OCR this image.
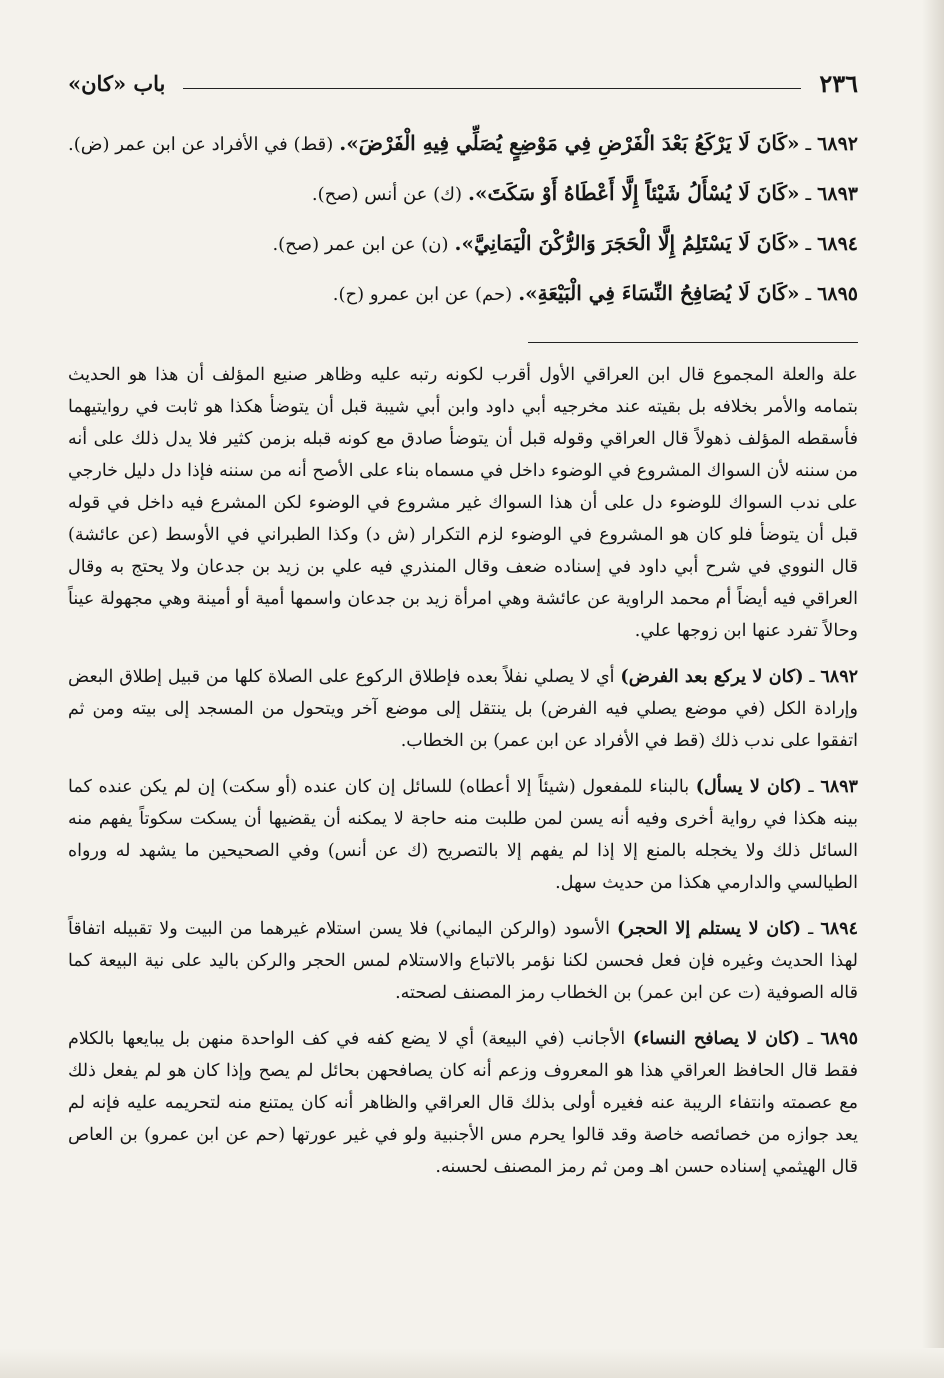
٢٣٦
باب «كان»

٦٨٩٢ ـ «كَانَ لَا يَرْكَعُ بَعْدَ الْفَرْضِ فِي مَوْضِعٍ يُصَلِّي فِيهِ الْفَرْضَ». (قط) في الأفراد عن ابن عمر (ض).

٦٨٩٣ ـ «كَانَ لَا يُسْأَلُ شَيْئاً إِلَّا أَعْطَاهُ أَوْ سَكَتَ». (ك) عن أنس (صح).

٦٨٩٤ ـ «كَانَ لَا يَسْتَلِمُ إِلَّا الْحَجَرَ وَالرُّكْنَ الْيَمَانِيَّ». (ن) عن ابن عمر (صح).

٦٨٩٥ ـ «كَانَ لَا يُصَافِحُ النِّسَاءَ فِي الْبَيْعَةِ». (حم) عن ابن عمرو (ح).

علة والعلة المجموع قال ابن العراقي الأول أقرب لكونه رتبه عليه وظاهر صنيع المؤلف أن هذا هو الحديث بتمامه والأمر بخلافه بل بقيته عند مخرجيه أبي داود وابن أبي شيبة قبل أن يتوضأ هكذا هو ثابت في روايتيهما فأسقطه المؤلف ذهولاً قال العراقي وقوله قبل أن يتوضأ صادق مع كونه قبله بزمن كثير فلا يدل ذلك على أنه من سننه لأن السواك المشروع في الوضوء داخل في مسماه بناء على الأصح أنه من سننه فإذا دل دليل خارجي على ندب السواك للوضوء دل على أن هذا السواك غير مشروع في الوضوء لكن المشرع فيه داخل في قوله قبل أن يتوضأ فلو كان هو المشروع في الوضوء لزم التكرار (ش د) وكذا الطبراني في الأوسط (عن عائشة) قال النووي في شرح أبي داود في إسناده ضعف وقال المنذري فيه علي بن زيد بن جدعان ولا يحتج به وقال العراقي فيه أيضاً أم محمد الراوية عن عائشة وهي امرأة زيد بن جدعان واسمها أمية أو أمينة وهي مجهولة عيناً وحالاً تفرد عنها ابن زوجها علي.

٦٨٩٢ ـ (كان لا يركع بعد الفرض) أي لا يصلي نفلاً بعده فإطلاق الركوع على الصلاة كلها من قبيل إطلاق البعض وإرادة الكل (في موضع يصلي فيه الفرض) بل ينتقل إلى موضع آخر ويتحول من المسجد إلى بيته ومن ثم اتفقوا على ندب ذلك (قط في الأفراد عن ابن عمر) بن الخطاب.

٦٨٩٣ ـ (كان لا يسأل) بالبناء للمفعول (شيئاً إلا أعطاه) للسائل إن كان عنده (أو سكت) إن لم يكن عنده كما بينه هكذا في رواية أخرى وفيه أنه يسن لمن طلبت منه حاجة لا يمكنه أن يقضيها أن يسكت سكوتاً يفهم منه السائل ذلك ولا يخجله بالمنع إلا إذا لم يفهم إلا بالتصريح (ك عن أنس) وفي الصحيحين ما يشهد له ورواه الطيالسي والدارمي هكذا من حديث سهل.

٦٨٩٤ ـ (كان لا يستلم إلا الحجر) الأسود (والركن اليماني) فلا يسن استلام غيرهما من البيت ولا تقبيله اتفاقاً لهذا الحديث وغيره فإن فعل فحسن لكنا نؤمر بالاتباع والاستلام لمس الحجر والركن باليد على نية البيعة كما قاله الصوفية (ت عن ابن عمر) بن الخطاب رمز المصنف لصحته.

٦٨٩٥ ـ (كان لا يصافح النساء) الأجانب (في البيعة) أي لا يضع كفه في كف الواحدة منهن بل يبايعها بالكلام فقط قال الحافظ العراقي هذا هو المعروف وزعم أنه كان يصافحهن بحائل لم يصح وإذا كان هو لم يفعل ذلك مع عصمته وانتفاء الريبة عنه فغيره أولى بذلك قال العراقي والظاهر أنه كان يمتنع منه لتحريمه عليه فإنه لم يعد جوازه من خصائصه خاصة وقد قالوا يحرم مس الأجنبية ولو في غير عورتها (حم عن ابن عمرو) بن العاص قال الهيثمي إسناده حسن اهـ ومن ثم رمز المصنف لحسنه.
